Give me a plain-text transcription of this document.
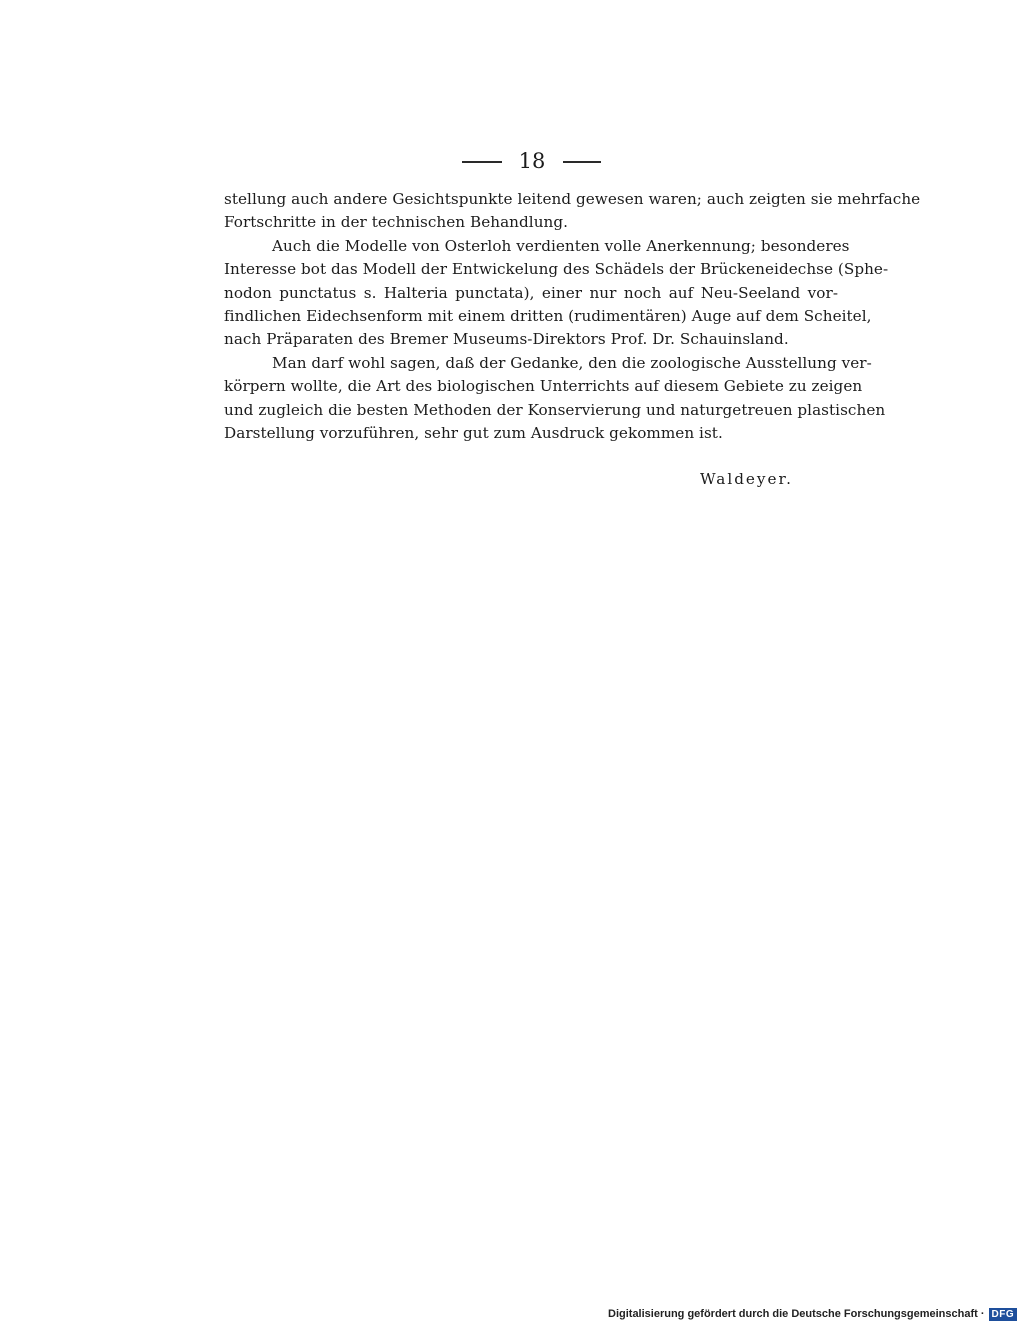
18
stellung auch andere Gesichtspunkte leitend gewesen waren; auch zeigten sie mehrfache
Fortschritte in der technischen Behandlung.
Auch die Modelle von Osterloh verdienten volle Anerkennung; besonderes
Interesse bot das Modell der Entwickelung des Schädels der Brückeneidechse (Sphe-
nodon punctatus s. Halteria punctata), einer nur noch auf Neu-Seeland vor-
findlichen Eidechsenform mit einem dritten (rudimentären) Auge auf dem Scheitel,
nach Präparaten des Bremer Museums-Direktors Prof. Dr. Schauinsland.
Man darf wohl sagen, daß der Gedanke, den die zoologische Ausstellung ver-
körpern wollte, die Art des biologischen Unterrichts auf diesem Gebiete zu zeigen
und zugleich die besten Methoden der Konservierung und naturgetreuen plastischen
Darstellung vorzuführen, sehr gut zum Ausdruck gekommen ist.
Waldeyer.
Digitalisierung gefördert durch die Deutsche Forschungsgemeinschaft · DFG
